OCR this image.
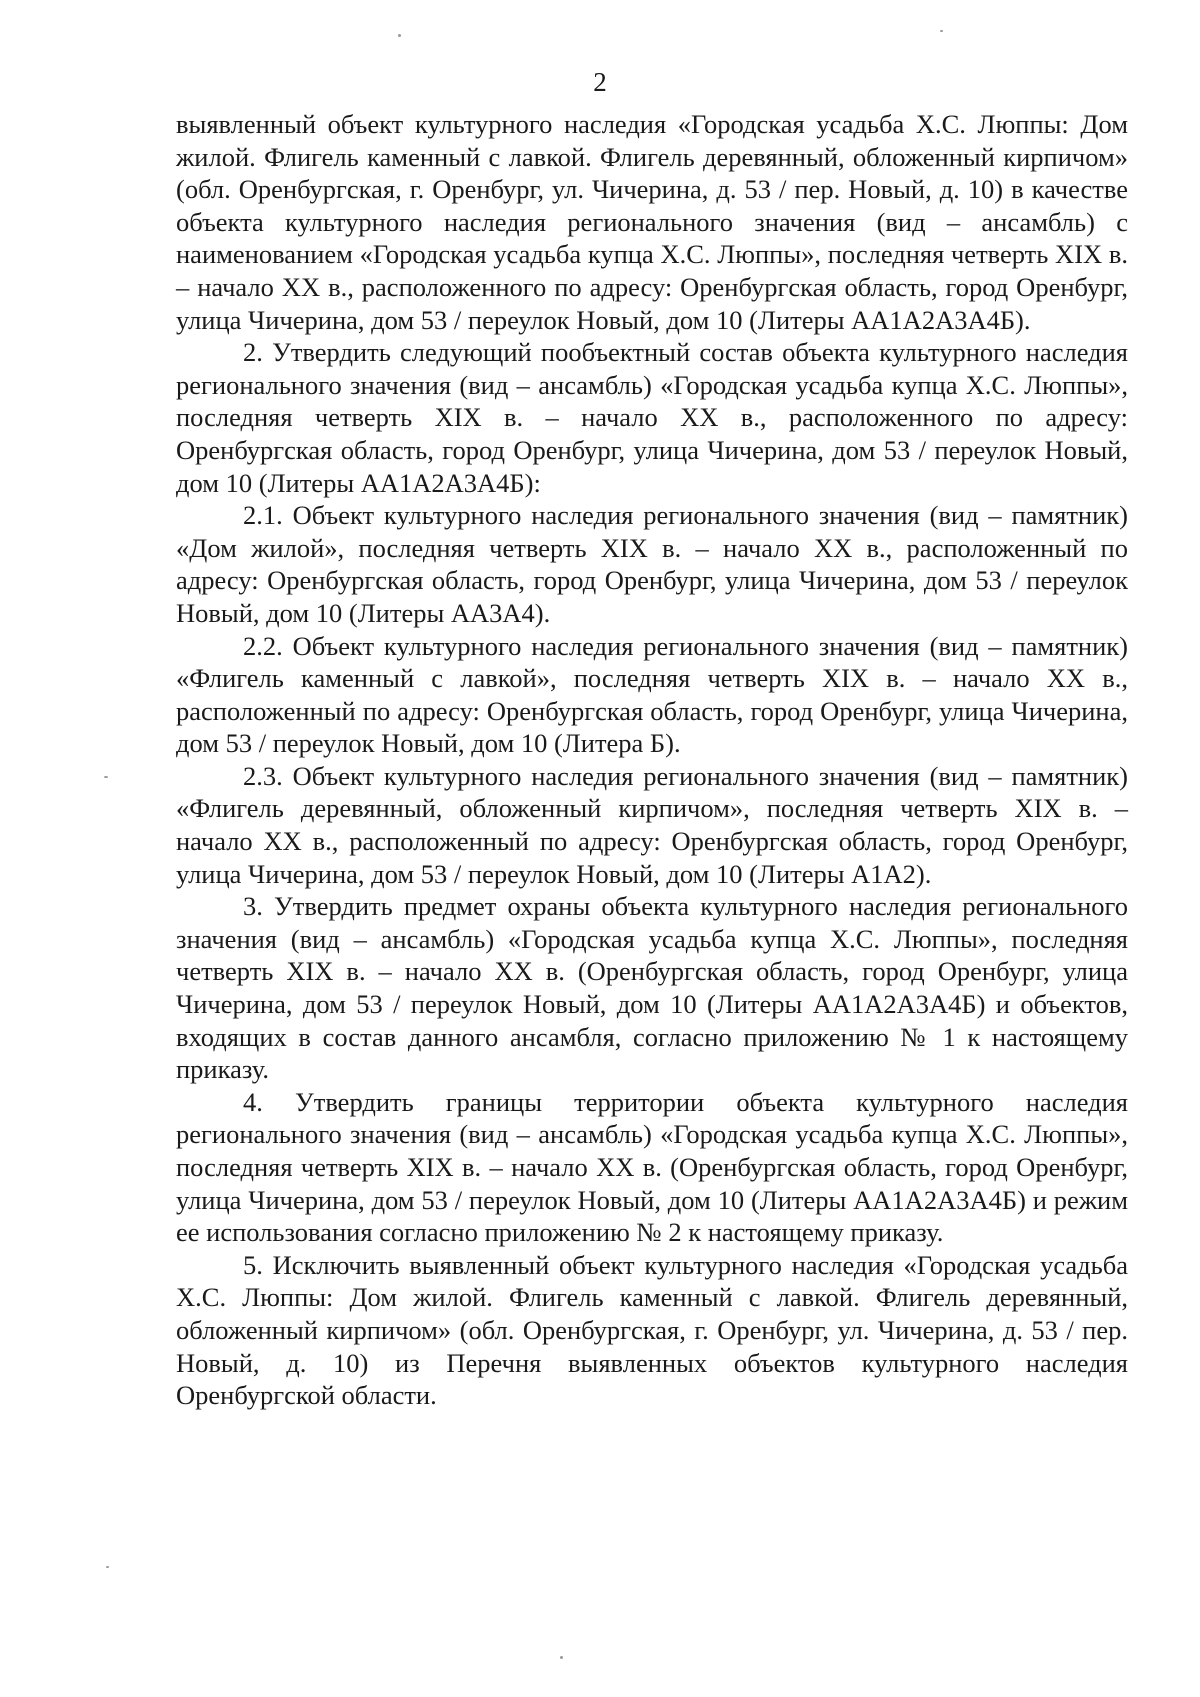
2

выявленный объект культурного наследия «Городская усадьба Х.С. Люппы: Дом жилой. Флигель каменный с лавкой. Флигель деревянный, обложенный кирпичом» (обл. Оренбургская, г. Оренбург, ул. Чичерина, д. 53 / пер. Новый, д. 10) в качестве объекта культурного наследия регионального значения (вид – ансамбль) с наименованием «Городская усадьба купца Х.С. Люппы», последняя четверть XIX в. – начало XX в., расположенного по адресу: Оренбургская область, город Оренбург, улица Чичерина, дом 53 / переулок Новый, дом 10 (Литеры АА1А2А3А4Б).

2. Утвердить следующий пообъектный состав объекта культурного наследия регионального значения (вид – ансамбль) «Городская усадьба купца Х.С. Люппы», последняя четверть XIX в. – начало XX в., расположенного по адресу: Оренбургская область, город Оренбург, улица Чичерина, дом 53 / переулок Новый, дом 10 (Литеры АА1А2А3А4Б):

2.1. Объект культурного наследия регионального значения (вид – памятник) «Дом жилой», последняя четверть XIX в. – начало XX в., расположенный по адресу: Оренбургская область, город Оренбург, улица Чичерина, дом 53 / переулок Новый, дом 10 (Литеры АА3А4).

2.2. Объект культурного наследия регионального значения (вид – памятник) «Флигель каменный с лавкой», последняя четверть XIX в. – начало XX в., расположенный по адресу: Оренбургская область, город Оренбург, улица Чичерина, дом 53 / переулок Новый, дом 10 (Литера Б).

2.3. Объект культурного наследия регионального значения (вид – памятник) «Флигель деревянный, обложенный кирпичом», последняя четверть XIX в. – начало XX в., расположенный по адресу: Оренбургская область, город Оренбург, улица Чичерина, дом 53 / переулок Новый, дом 10 (Литеры А1А2).

3. Утвердить предмет охраны объекта культурного наследия регионального значения (вид – ансамбль) «Городская усадьба купца Х.С. Люппы», последняя четверть XIX в. – начало XX в. (Оренбургская область, город Оренбург, улица Чичерина, дом 53 / переулок Новый, дом 10 (Литеры АА1А2А3А4Б) и объектов, входящих в состав данного ансамбля, согласно приложению № 1 к настоящему приказу.

4. Утвердить границы территории объекта культурного наследия регионального значения (вид – ансамбль) «Городская усадьба купца Х.С. Люппы», последняя четверть XIX в. – начало XX в. (Оренбургская область, город Оренбург, улица Чичерина, дом 53 / переулок Новый, дом 10 (Литеры АА1А2А3А4Б) и режим ее использования согласно приложению № 2 к настоящему приказу.

5. Исключить выявленный объект культурного наследия «Городская усадьба Х.С. Люппы: Дом жилой. Флигель каменный с лавкой. Флигель деревянный, обложенный кирпичом» (обл. Оренбургская, г. Оренбург, ул. Чичерина, д. 53 / пер. Новый, д. 10) из Перечня выявленных объектов культурного наследия Оренбургской области.
